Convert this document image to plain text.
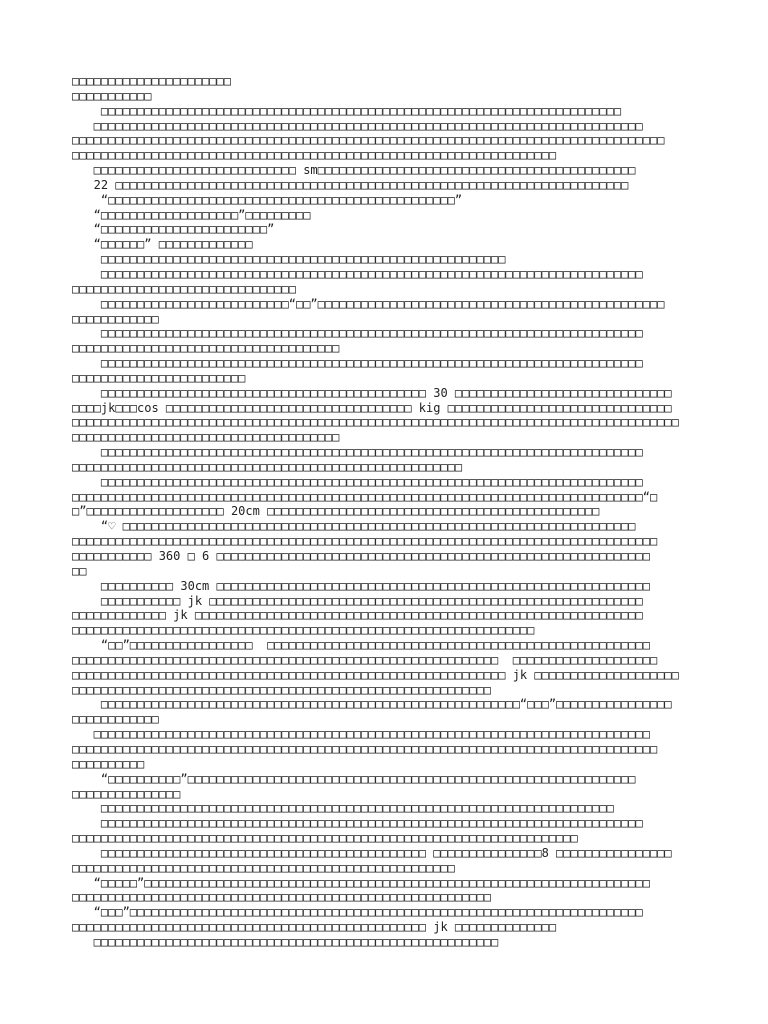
□□□□□□□□□□□□□□□□□□□□□□
□□□□□□□□□□□
□□□□□□□□□□□□□□□□□□□□□□□□□□□□□□□□□□□□□□□□□□□□□□□□□□□□□□□□□□□□□□□□□□□□□□□□
□□□□□□□□□□□□□□□□□□□□□□□□□□□□□□□□□□□□□□□□□□□□□□□□□□□□□□□□□□□□□□□□□□□□□□□□□□□□
□□□□□□□□□□□□□□□□□□□□□□□□□□□□□□□□□□□□□□□□□□□□□□□□□□□□□□□□□□□□□□□□□□□□□□□□□□□□□□□□□□
□□□□□□□□□□□□□□□□□□□□□□□□□□□□□□□□□□□□□□□□□□□□□□□□□□□□□□□□□□□□□□□□□□□
□□□□□□□□□□□□□□□□□□□□□□□□□□□□ sm□□□□□□□□□□□□□□□□□□□□□□□□□□□□□□□□□□□□□□□□□□□□
22 □□□□□□□□□□□□□□□□□□□□□□□□□□□□□□□□□□□□□□□□□□□□□□□□□□□□□□□□□□□□□□□□□□□□□□□
“□□□□□□□□□□□□□□□□□□□□□□□□□□□□□□□□□□□□□□□□□□□□□□□□”
“□□□□□□□□□□□□□□□□□□□”□□□□□□□□□
“□□□□□□□□□□□□□□□□□□□□□□□”
“□□□□□□” □□□□□□□□□□□□□
□□□□□□□□□□□□□□□□□□□□□□□□□□□□□□□□□□□□□□□□□□□□□□□□□□□□□□□□
□□□□□□□□□□□□□□□□□□□□□□□□□□□□□□□□□□□□□□□□□□□□□□□□□□□□□□□□□□□□□□□□□□□□□□□□□□□
□□□□□□□□□□□□□□□□□□□□□□□□□□□□□□□
□□□□□□□□□□□□□□□□□□□□□□□□□□“□□”□□□□□□□□□□□□□□□□□□□□□□□□□□□□□□□□□□□□□□□□□□□□□□□□
□□□□□□□□□□□□
□□□□□□□□□□□□□□□□□□□□□□□□□□□□□□□□□□□□□□□□□□□□□□□□□□□□□□□□□□□□□□□□□□□□□□□□□□□
□□□□□□□□□□□□□□□□□□□□□□□□□□□□□□□□□□□□□
□□□□□□□□□□□□□□□□□□□□□□□□□□□□□□□□□□□□□□□□□□□□□□□□□□□□□□□□□□□□□□□□□□□□□□□□□□□
□□□□□□□□□□□□□□□□□□□□□□□□
□□□□□□□□□□□□□□□□□□□□□□□□□□□□□□□□□□□□□□□□□□□□□ 30 □□□□□□□□□□□□□□□□□□□□□□□□□□□□□□
□□□□jk□□□cos □□□□□□□□□□□□□□□□□□□□□□□□□□□□□□□□□□ kig □□□□□□□□□□□□□□□□□□□□□□□□□□□□□□□
□□□□□□□□□□□□□□□□□□□□□□□□□□□□□□□□□□□□□□□□□□□□□□□□□□□□□□□□□□□□□□□□□□□□□□□□□□□□□□□□□□□□
□□□□□□□□□□□□□□□□□□□□□□□□□□□□□□□□□□□□□
□□□□□□□□□□□□□□□□□□□□□□□□□□□□□□□□□□□□□□□□□□□□□□□□□□□□□□□□□□□□□□□□□□□□□□□□□□□
□□□□□□□□□□□□□□□□□□□□□□□□□□□□□□□□□□□□□□□□□□□□□□□□□□□□□□
□□□□□□□□□□□□□□□□□□□□□□□□□□□□□□□□□□□□□□□□□□□□□□□□□□□□□□□□□□□□□□□□□□□□□□□□□□□
□□□□□□□□□□□□□□□□□□□□□□□□□□□□□□□□□□□□□□□□□□□□□□□□□□□□□□□□□□□□□□□□□□□□□□□□□□□□□□□“□
□”□□□□□□□□□□□□□□□□□□□ 20cm □□□□□□□□□□□□□□□□□□□□□□□□□□□□□□□□□□□□□□□□□□□□□□
“♡ □□□□□□□□□□□□□□□□□□□□□□□□□□□□□□□□□□□□□□□□□□□□□□□□□□□□□□□□□□□□□□□□□□□□□□□
□□□□□□□□□□□□□□□□□□□□□□□□□□□□□□□□□□□□□□□□□□□□□□□□□□□□□□□□□□□□□□□□□□□□□□□□□□□□□□□□□
□□□□□□□□□□□ 360 □ 6 □□□□□□□□□□□□□□□□□□□□□□□□□□□□□□□□□□□□□□□□□□□□□□□□□□□□□□□□□□□□
□□
□□□□□□□□□□ 30cm □□□□□□□□□□□□□□□□□□□□□□□□□□□□□□□□□□□□□□□□□□□□□□□□□□□□□□□□□□□□
□□□□□□□□□□□ jk □□□□□□□□□□□□□□□□□□□□□□□□□□□□□□□□□□□□□□□□□□□□□□□□□□□□□□□□□□□□
□□□□□□□□□□□□□ jk □□□□□□□□□□□□□□□□□□□□□□□□□□□□□□□□□□□□□□□□□□□□□□□□□□□□□□□□□□□□□□
□□□□□□□□□□□□□□□□□□□□□□□□□□□□□□□□□□□□□□□□□□□□□□□□□□□□□□□□□□□□□□□□
“□□”□□□□□□□□□□□□□□□□□  □□□□□□□□□□□□□□□□□□□□□□□□□□□□□□□□□□□□□□□□□□□□□□□□□□□□□
□□□□□□□□□□□□□□□□□□□□□□□□□□□□□□□□□□□□□□□□□□□□□□□□□□□□□□□□□□□  □□□□□□□□□□□□□□□□□□□□
□□□□□□□□□□□□□□□□□□□□□□□□□□□□□□□□□□□□□□□□□□□□□□□□□□□□□□□□□□□□ jk □□□□□□□□□□□□□□□□□□□□
□□□□□□□□□□□□□□□□□□□□□□□□□□□□□□□□□□□□□□□□□□□□□□□□□□□□□□□□□□
□□□□□□□□□□□□□□□□□□□□□□□□□□□□□□□□□□□□□□□□□□□□□□□□□□□□□□□□□□“□□□”□□□□□□□□□□□□□□□□
□□□□□□□□□□□□
□□□□□□□□□□□□□□□□□□□□□□□□□□□□□□□□□□□□□□□□□□□□□□□□□□□□□□□□□□□□□□□□□□□□□□□□□□□□□
□□□□□□□□□□□□□□□□□□□□□□□□□□□□□□□□□□□□□□□□□□□□□□□□□□□□□□□□□□□□□□□□□□□□□□□□□□□□□□□□□
□□□□□□□□□□
“□□□□□□□□□□”□□□□□□□□□□□□□□□□□□□□□□□□□□□□□□□□□□□□□□□□□□□□□□□□□□□□□□□□□□□□□□
□□□□□□□□□□□□□□□
□□□□□□□□□□□□□□□□□□□□□□□□□□□□□□□□□□□□□□□□□□□□□□□□□□□□□□□□□□□□□□□□□□□□□□□
□□□□□□□□□□□□□□□□□□□□□□□□□□□□□□□□□□□□□□□□□□□□□□□□□□□□□□□□□□□□□□□□□□□□□□□□□□□
□□□□□□□□□□□□□□□□□□□□□□□□□□□□□□□□□□□□□□□□□□□□□□□□□□□□□□□□□□□□□□□□□□□□□□
□□□□□□□□□□□□□□□□□□□□□□□□□□□□□□□□□□□□□□□□□□□□□ □□□□□□□□□□□□□□□8 □□□□□□□□□□□□□□□□
□□□□□□□□□□□□□□□□□□□□□□□□□□□□□□□□□□□□□□□□□□□□□□□□□□□□□
“□□□□□”□□□□□□□□□□□□□□□□□□□□□□□□□□□□□□□□□□□□□□□□□□□□□□□□□□□□□□□□□□□□□□□□□□□□□□
□□□□□□□□□□□□□□□□□□□□□□□□□□□□□□□□□□□□□□□□□□□□□□□□□□□□□□□□□□
“□□□”□□□□□□□□□□□□□□□□□□□□□□□□□□□□□□□□□□□□□□□□□□□□□□□□□□□□□□□□□□□□□□□□□□□□□□□
□□□□□□□□□□□□□□□□□□□□□□□□□□□□□□□□□□□□□□□□□□□□□□□□□ jk □□□□□□□□□□□□□□
□□□□□□□□□□□□□□□□□□□□□□□□□□□□□□□□□□□□□□□□□□□□□□□□□□□□□□□□
